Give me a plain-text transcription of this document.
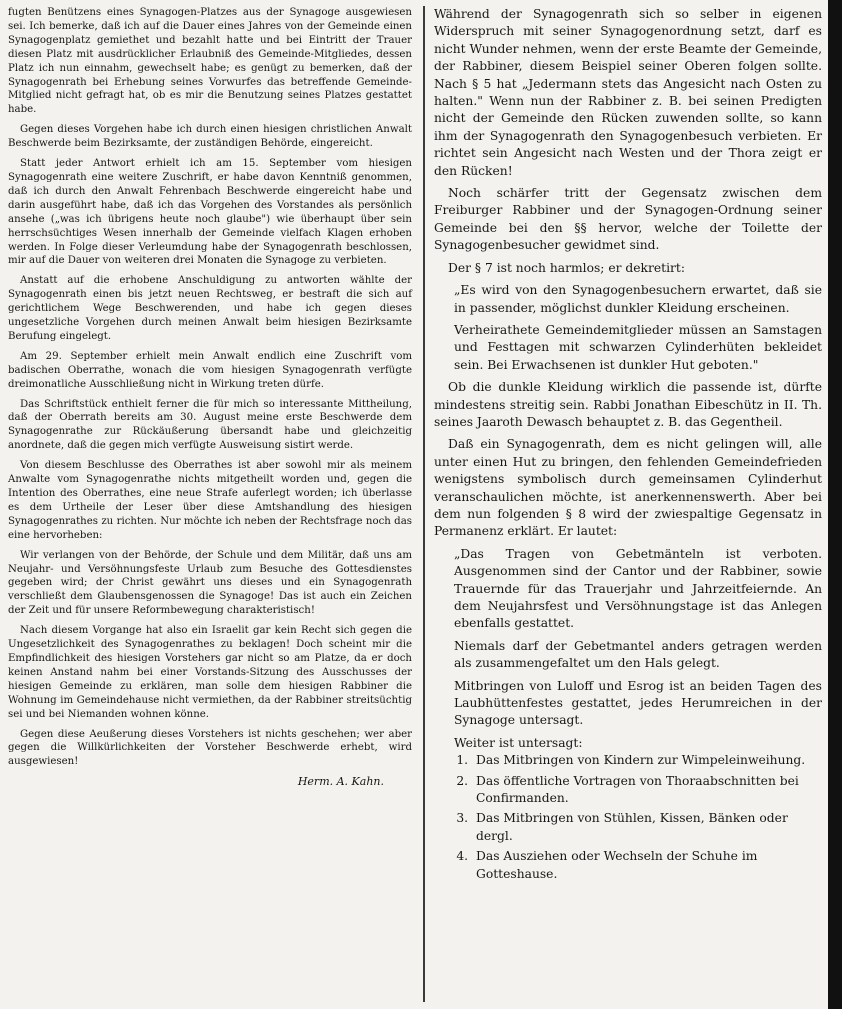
fugten Benützens eines Synagogen-Platzes aus der Synagoge ausgewiesen sei. Ich bemerke, daß ich auf die Dauer eines Jahres von der Gemeinde einen Synagogenplatz gemiethet und bezahlt hatte und bei Eintritt der Trauer diesen Platz mit ausdrücklicher Erlaubniß des Gemeinde-Mitgliedes, dessen Platz ich nun einnahm, gewechselt habe; es genügt zu bemerken, daß der Synagogenrath bei Erhebung seines Vorwurfes das betreffende Gemeinde-Mitglied nicht gefragt hat, ob es mir die Benutzung seines Platzes gestattet habe.

Gegen dieses Vorgehen habe ich durch einen hiesigen christlichen Anwalt Beschwerde beim Bezirksamte, der zuständigen Behörde, eingereicht.

Statt jeder Antwort erhielt ich am 15. September vom hiesigen Synagogenrath eine weitere Zuschrift, er habe davon Kenntniß genommen, daß ich durch den Anwalt Fehrenbach Beschwerde eingereicht habe und darin ausgeführt habe, daß ich das Vorgehen des Vorstandes als persönlich ansehe („was ich übrigens heute noch glaube") wie überhaupt über sein herrschsüchtiges Wesen innerhalb der Gemeinde vielfach Klagen erhoben werden. In Folge dieser Verleumdung habe der Synagogenrath beschlossen, mir auf die Dauer von weiteren drei Monaten die Synagoge zu verbieten.

Anstatt auf die erhobene Anschuldigung zu antworten wählte der Synagogenrath einen bis jetzt neuen Rechtsweg, er bestraft die sich auf gerichtlichem Wege Beschwerenden, und habe ich gegen dieses ungesetzliche Vorgehen durch meinen Anwalt beim hiesigen Bezirksamte Berufung eingelegt.

Am 29. September erhielt mein Anwalt endlich eine Zuschrift vom badischen Oberrathe, wonach die vom hiesigen Synagogenrath verfügte dreimonatliche Ausschließung nicht in Wirkung treten dürfe.

Das Schriftstück enthielt ferner die für mich so interessante Mittheilung, daß der Oberrath bereits am 30. August meine erste Beschwerde dem Synagogenrathe zur Rückäußerung übersandt habe und gleichzeitig anordnete, daß die gegen mich verfügte Ausweisung sistirt werde.

Von diesem Beschlusse des Oberrathes ist aber sowohl mir als meinem Anwalte vom Synagogenrathe nichts mitgetheilt worden und, gegen die Intention des Oberrathes, eine neue Strafe auferlegt worden; ich überlasse es dem Urtheile der Leser über diese Amtshandlung des hiesigen Synagogenrathes zu richten. Nur möchte ich neben der Rechtsfrage noch das eine hervorheben:

Wir verlangen von der Behörde, der Schule und dem Militär, daß uns am Neujahr- und Versöhnungsfeste Urlaub zum Besuche des Gottesdienstes gegeben wird; der Christ gewährt uns dieses und ein Synagogenrath verschließt dem Glaubensgenossen die Synagoge! Das ist auch ein Zeichen der Zeit und für unsere Reformbewegung charakteristisch!

Nach diesem Vorgange hat also ein Israelit gar kein Recht sich gegen die Ungesetzlichkeit des Synagogenrathes zu beklagen! Doch scheint mir die Empfindlichkeit des hiesigen Vorstehers gar nicht so am Platze, da er doch keinen Anstand nahm bei einer Vorstands-Sitzung des Ausschusses der hiesigen Gemeinde zu erklären, man solle dem hiesigen Rabbiner die Wohnung im Gemeindehause nicht vermiethen, da der Rabbiner streitsüchtig sei und bei Niemanden wohnen könne.

Gegen diese Aeußerung dieses Vorstehers ist nichts geschehen; wer aber gegen die Willkürlichkeiten der Vorsteher Beschwerde erhebt, wird ausgewiesen!

Herm. A. Kahn.

Während der Synagogenrath sich so selber in eigenen Widerspruch mit seiner Synagogenordnung setzt, darf es nicht Wunder nehmen, wenn der erste Beamte der Gemeinde, der Rabbiner, diesem Beispiel seiner Oberen folgen sollte. Nach § 5 hat „Jedermann stets das Angesicht nach Osten zu halten." Wenn nun der Rabbiner z. B. bei seinen Predigten nicht der Gemeinde den Rücken zuwenden sollte, so kann ihm der Synagogenrath den Synagogenbesuch verbieten. Er richtet sein Angesicht nach Westen und der Thora zeigt er den Rücken!

Noch schärfer tritt der Gegensatz zwischen dem Freiburger Rabbiner und der Synagogen-Ordnung seiner Gemeinde bei den §§ hervor, welche der Toilette der Synagogenbesucher gewidmet sind.

Der § 7 ist noch harmlos; er dekretirt:

„Es wird von den Synagogenbesuchern erwartet, daß sie in passender, möglichst dunkler Kleidung erscheinen.

Verheirathete Gemeindemitglieder müssen an Samstagen und Festtagen mit schwarzen Cylinderhüten bekleidet sein. Bei Erwachsenen ist dunkler Hut geboten."

Ob die dunkle Kleidung wirklich die passende ist, dürfte mindestens streitig sein. Rabbi Jonathan Eibeschütz in II. Th. seines Jaaroth Dewasch behauptet z. B. das Gegentheil.

Daß ein Synagogenrath, dem es nicht gelingen will, alle unter einen Hut zu bringen, den fehlenden Gemeindefrieden wenigstens symbolisch durch gemeinsamen Cylinderhut veranschaulichen möchte, ist anerkennenswerth. Aber bei dem nun folgenden § 8 wird der zwiespaltige Gegensatz in Permanenz erklärt. Er lautet:

„Das Tragen von Gebetmänteln ist verboten. Ausgenommen sind der Cantor und der Rabbiner, sowie Trauernde für das Trauerjahr und Jahrzeitfeiernde. An dem Neujahrsfest und Versöhnungstage ist das Anlegen ebenfalls gestattet.

Niemals darf der Gebetmantel anders getragen werden als zusammengefaltet um den Hals gelegt.

Mitbringen von Luloff und Esrog ist an beiden Tagen des Laubhüttenfestes gestattet, jedes Herumreichen in der Synagoge untersagt.

Weiter ist untersagt:
1. Das Mitbringen von Kindern zur Wimpeleinweihung.
2. Das öffentliche Vortragen von Thoraabschnitten bei Confirmanden.
3. Das Mitbringen von Stühlen, Kissen, Bänken oder dergl.
4. Das Ausziehen oder Wechseln der Schuhe im Gotteshause.
